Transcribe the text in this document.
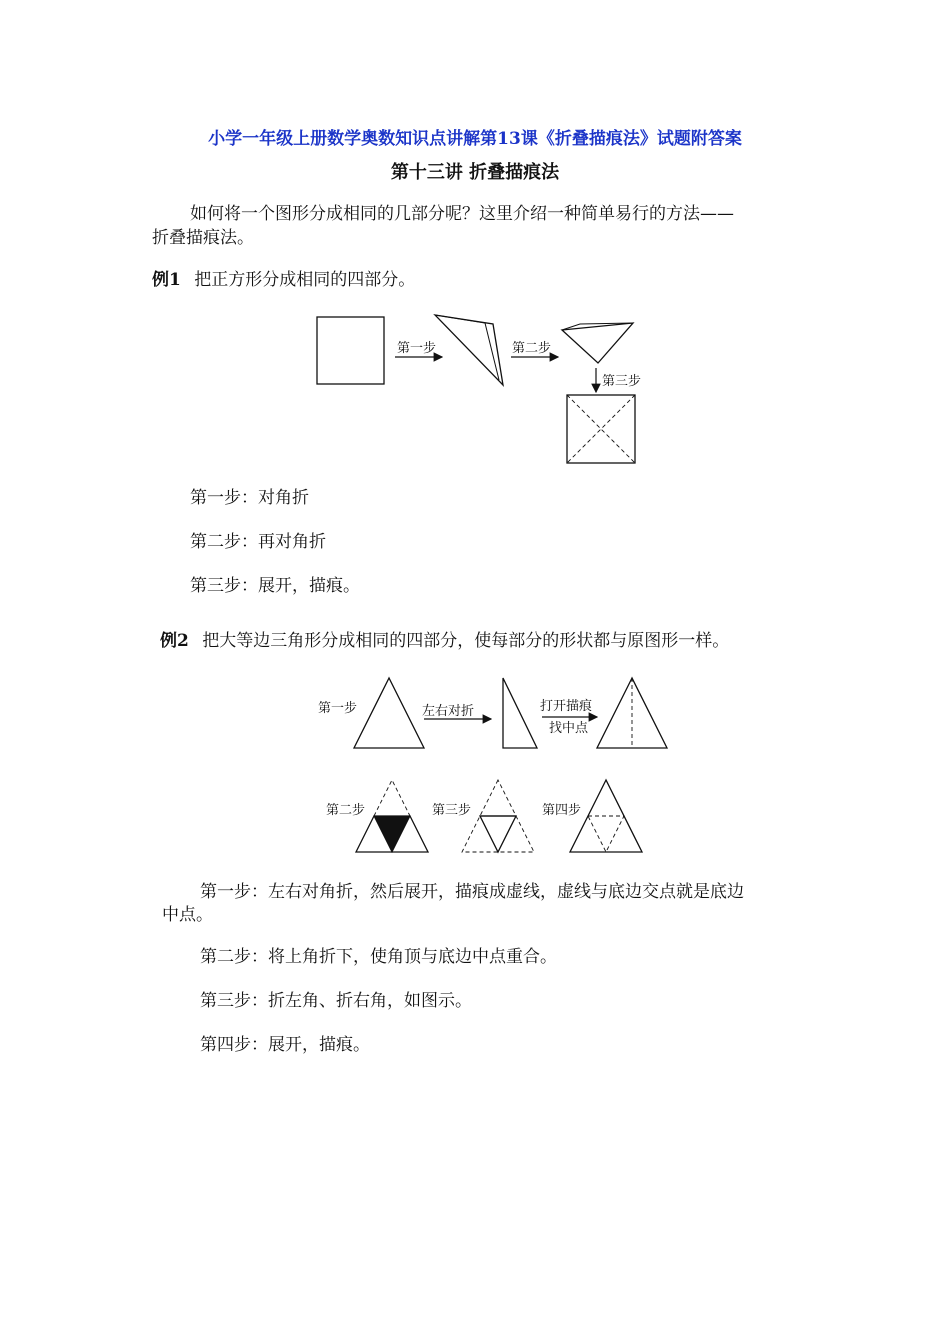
小学一年级上册数学奥数知识点讲解第13课《折叠描痕法》试题附答案
第十三讲 折叠描痕法
如何将一个图形分成相同的几部分呢？这里介绍一种简单易行的方法——
折叠描痕法。
例1 把正方形分成相同的四部分。
第一步	第二步
第三步
第一步：对角折
第二步：再对角折
第三步：展开，描痕。
例2 把大等边三角形分成相同的四部分，使每部分的形状都与原图形一样。
第一步	左右对折	打开描痕
找中点
第二步	第三步	第四步
第一步：左右对角折，然后展开，描痕成虚线，虚线与底边交点就是底边
中点。
第二步：将上角折下，使角顶与底边中点重合。
第三步：折左角、折右角，如图示。
第四步：展开，描痕。
